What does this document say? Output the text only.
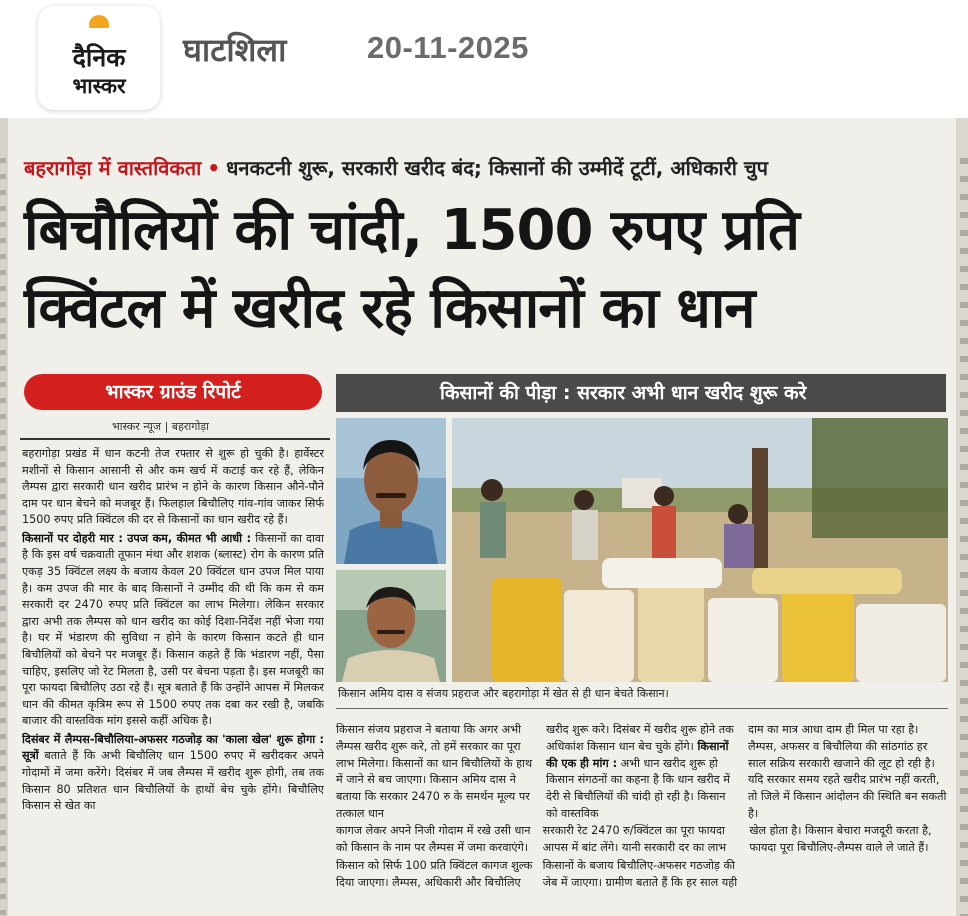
दैनिक
भास्कर
घाटशिला	20-11-2025
बहरागोड़ा में वास्तविकता • धनकटनी शुरू, सरकारी खरीद बंद; किसानों की उम्मीदें टूटीं, अधिकारी चुप
बिचौलियों की चांदी, 1500 रुपए प्रति
क्विंटल में खरीद रहे किसानों का धान
भास्कर ग्राउंड रिपोर्ट	किसानों की पीड़ा : सरकार अभी धान खरीद शुरू करे
भास्कर न्यूज | बहरागोड़ा

बहरागोड़ा प्रखंड में धान कटनी तेज रफ्तार से शुरू हो चुकी है। हार्वेस्टर मशीनों से किसान आसानी से और कम खर्च में कटाई कर रहे हैं, लेकिन लैम्पस द्वारा सरकारी धान खरीद प्रारंभ न होने के कारण किसान औने-पौने दाम पर धान बेचने को मजबूर हैं। फिलहाल बिचौलिए गांव-गांव जाकर सिर्फ 1500 रुपए प्रति क्विंटल की दर से किसानों का धान खरीद रहे हैं।

किसानों पर दोहरी मार : उपज कम, कीमत भी आधी : किसानों का दावा है कि इस वर्ष चक्रवाती तूफान मंथा और शशक (ब्लास्ट) रोग के कारण प्रति एकड़ 35 क्विंटल लक्ष्य के बजाय केवल 20 क्विंटल धान उपज मिल पाया है। कम उपज की मार के बाद किसानों ने उम्मीद की थी कि कम से कम सरकारी दर 2470 रुपए प्रति क्विंटल का लाभ मिलेगा। लेकिन सरकार द्वारा अभी तक लैम्पस को धान खरीद का कोई दिशा-निर्देश नहीं भेजा गया है। घर में भंडारण की सुविधा न होने के कारण किसान कटते ही धान बिचौलियों को बेचने पर मजबूर हैं। किसान कहते हैं कि भंडारण नहीं, पैसा चाहिए, इसलिए जो रेट मिलता है, उसी पर बेचना पड़ता है। इस मजबूरी का पूरा फायदा बिचौलिए उठा रहे हैं। सूत्र बताते हैं कि उन्होंने आपस में मिलकर धान की कीमत कृत्रिम रूप से 1500 रुपए तक दबा कर रखी है, जबकि बाजार की वास्तविक मांग इससे कहीं अधिक है।

दिसंबर में लैम्पस-बिचौलिया-अफसर गठजोड़ का 'काला खेल' शुरू होगा : सूत्रों बताते हैं कि अभी बिचौलिए धान 1500 रुपए में खरीदकर अपने गोदामों में जमा करेंगे। दिसंबर में जब लैम्पस में खरीद शुरू होगी, तब तक किसान 80 प्रतिशत धान बिचौलियों के हाथों बेच चुके होंगे। बिचौलिए किसान से खेत का

किसान अमिय दास व संजय प्रहराज और बहरागोड़ा में खेत से ही धान बेचते किसान।
किसान संजय प्रहराज ने बताया कि अगर अभी लैम्पस खरीद शुरू करे, तो हमें सरकार का पूरा लाभ मिलेगा। किसानों का धान बिचौलियों के हाथ में जाने से बच जाएगा। किसान अमिय दास ने बताया कि सरकार 2470 रु के समर्थन मूल्य पर तत्काल धान
खरीद शुरू करे। दिसंबर में खरीद शुरू होने तक अधिकांश किसान धान बेच चुके होंगे। किसानों की एक ही मांग : अभी धान खरीद शुरू हो किसान संगठनों का कहना है कि धान खरीद में देरी से बिचौलियों की चांदी हो रही है। किसान को वास्तविक
दाम का मात्र आधा दाम ही मिल पा रहा है। लैम्पस, अफसर व बिचौलिया की सांठगांठ हर साल सक्रिय सरकारी खजाने की लूट हो रही है। यदि सरकार समय रहते खरीद प्रारंभ नहीं करती, तो जिले में किसान आंदोलन की स्थिति बन सकती है।
कागज लेकर अपने निजी गोदाम में रखे उसी धान को किसान के नाम पर लैम्पस में जमा करवाएंगे। किसान को सिर्फ 100 प्रति क्विंटल कागज शुल्क दिया जाएगा। लैम्पस, अधिकारी और बिचौलिए सरकारी रेट 2470 रु/क्विंटल का पूरा फायदा आपस में बांट लेंगे। यानी सरकारी दर का लाभ किसानों के बजाय बिचौलिए-अफसर गठजोड़ की जेब में जाएगा। ग्रामीण बताते हैं कि हर साल यही खेल होता है। किसान बेचारा मजदूरी करता है, फायदा पूरा बिचौलिए-लैम्पस वाले ले जाते हैं।
